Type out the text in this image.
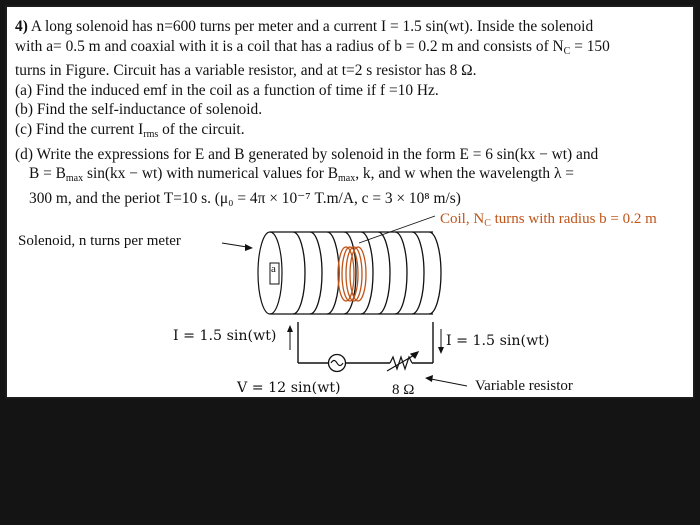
4) A long solenoid has n=600 turns per meter and a current I = 1.5 sin(wt). Inside the solenoid
with a= 0.5 m and coaxial with it is a coil that has a radius of b = 0.2 m and consists of $N_C = 150$
turns in Figure. Circuit has a variable resistor, and at t=2 s resistor has 8 Ω.
(a) Find the induced emf in the coil as a function of time if f =10 Hz.
(b) Find the self-inductance of solenoid.
(c) Find the current $I_{rms}$ of the circuit.
(d) Write the expressions for E and B generated by solenoid in the form E = 6 sin(kx − wt) and
$B = B_{max}$ sin(kx − wt) with numerical values for $B_{max}$, k, and w when the wavelength λ =
300 m, and the periot T=10 s. (μ₀ = 4π × 10⁻⁷ T.m/A, c = 3 × 10⁸ m/s)
Coil, $N_C$ turns with radius b = 0.2 m
Solenoid, n turns per meter
a
I = 1.5 sin(wt)	I = 1.5 sin(wt)
V = 12 sin(wt)	8 Ω	Variable resistor
